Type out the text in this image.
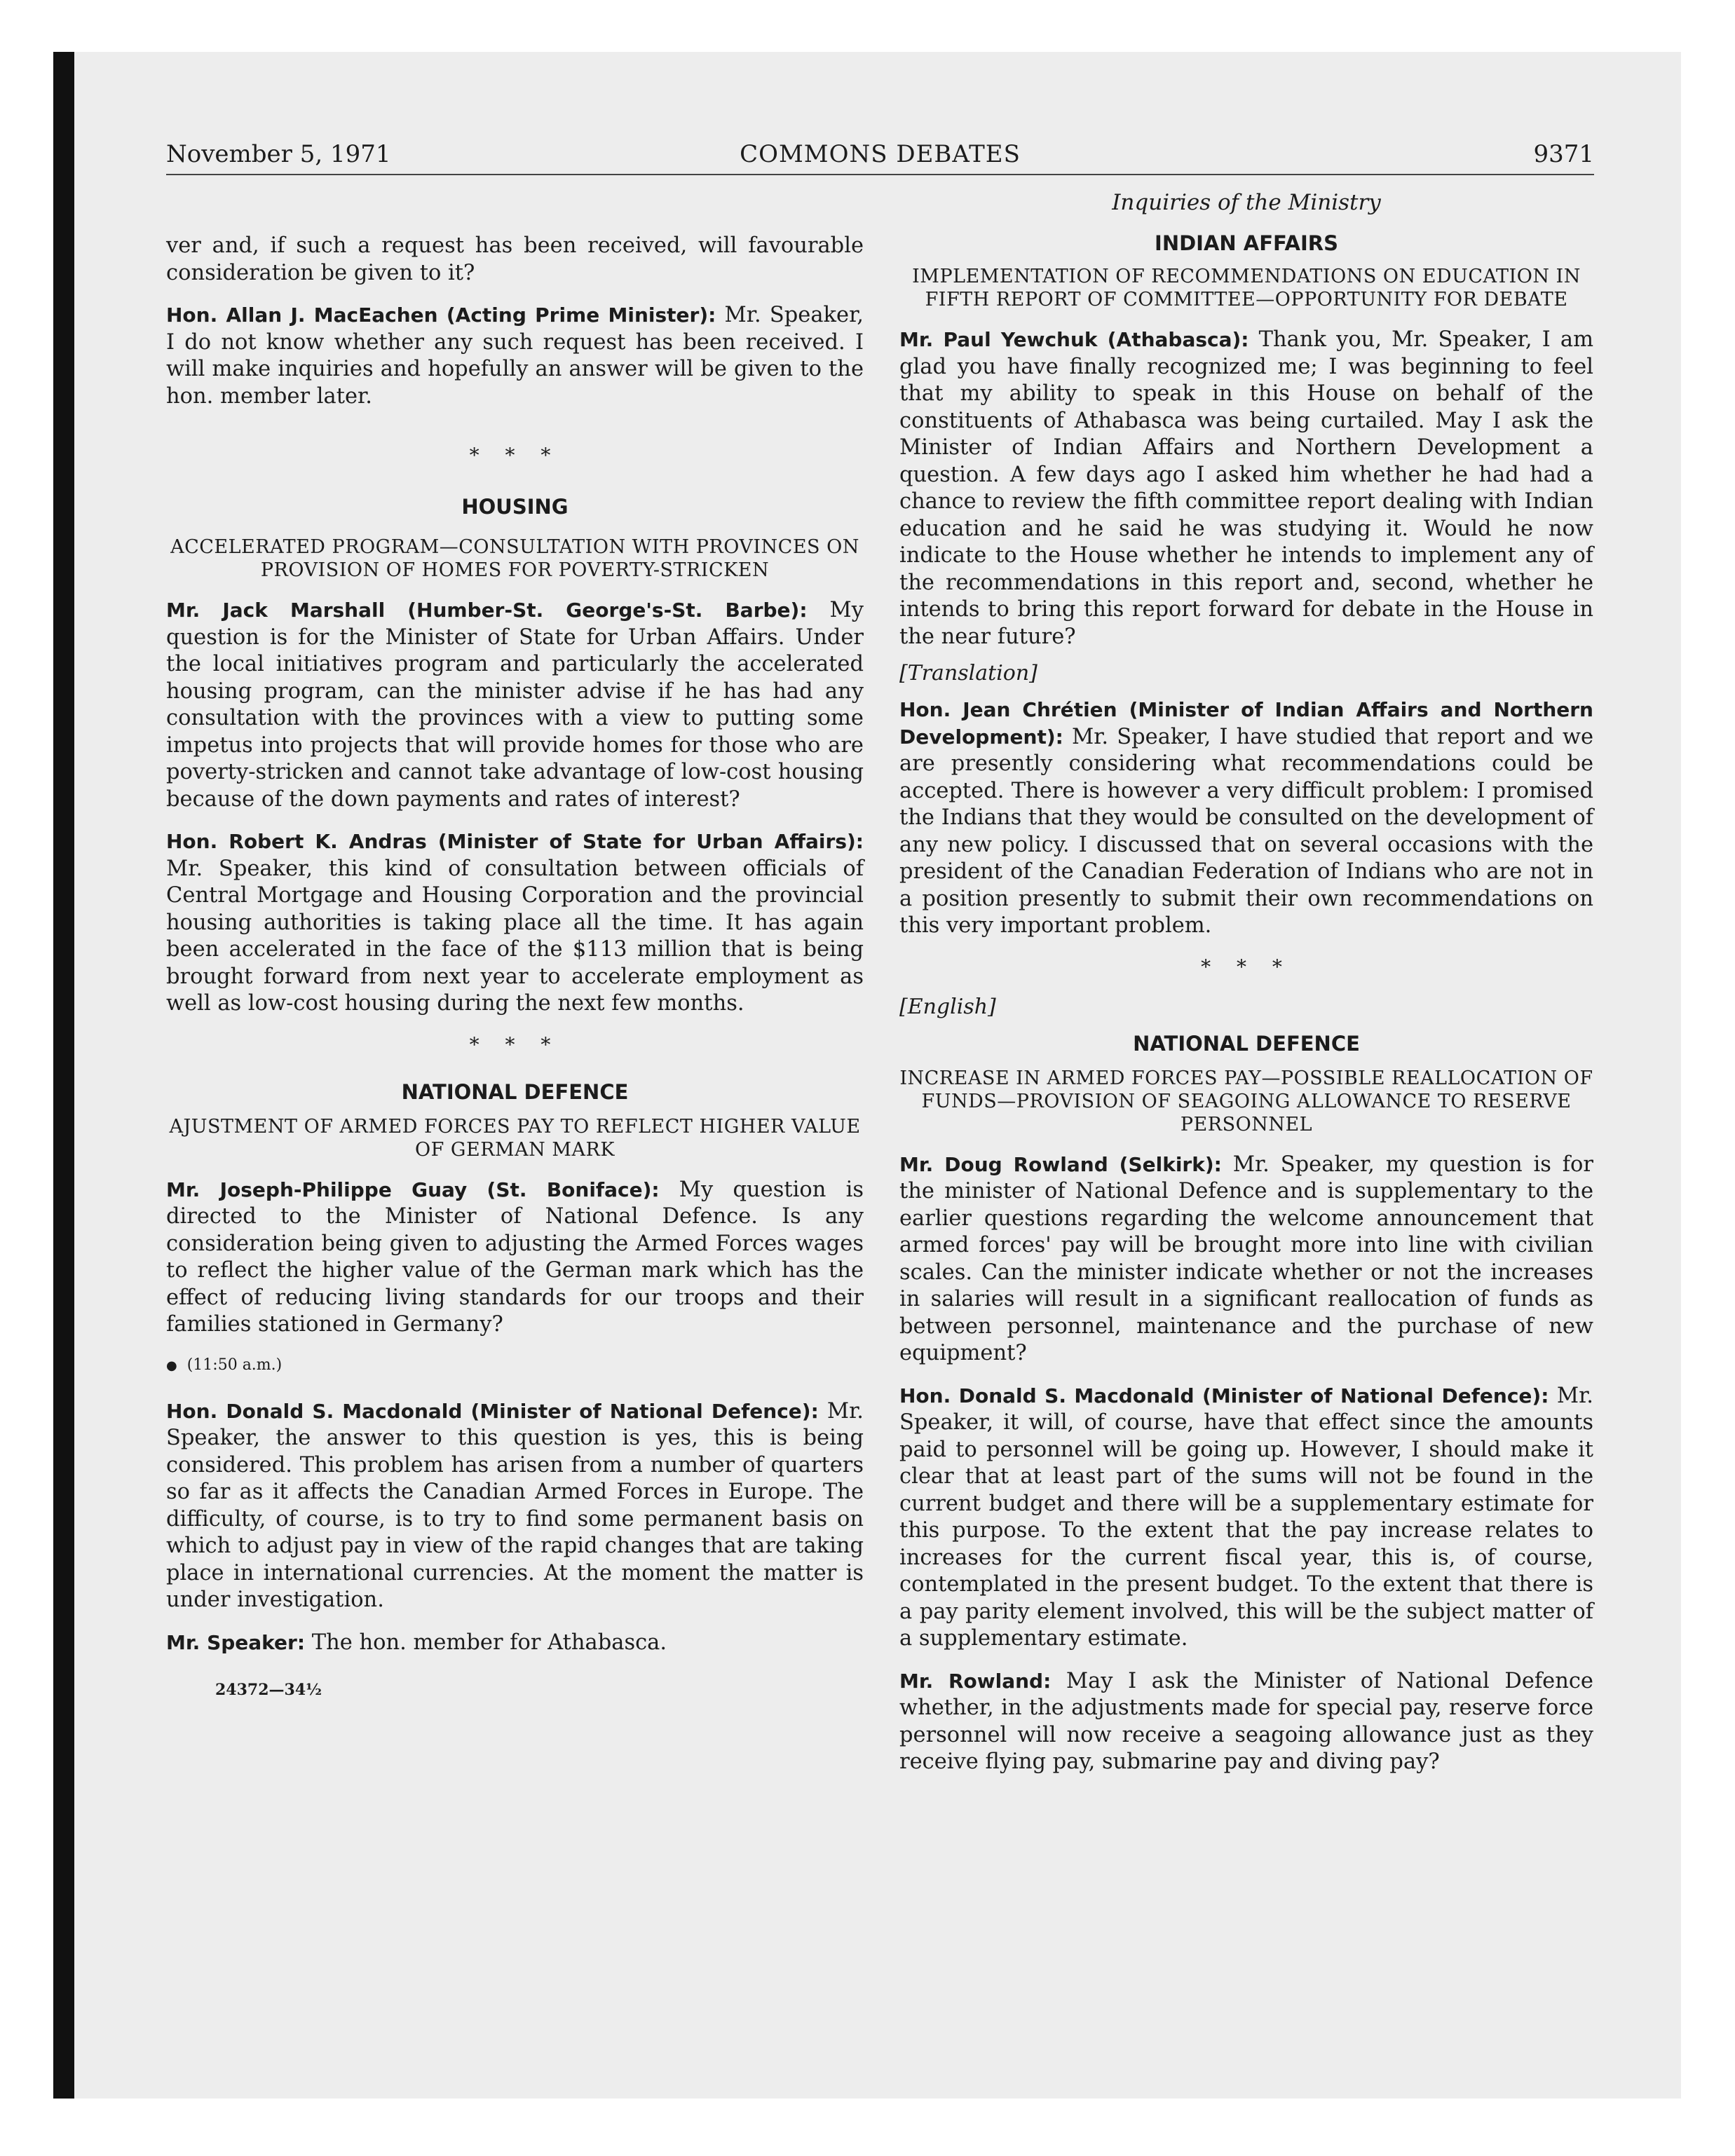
November 5, 1971	COMMONS DEBATES	9371

ver and, if such a request has been received, will favourable consideration be given to it?

Hon. Allan J. MacEachen (Acting Prime Minister): Mr. Speaker, I do not know whether any such request has been received. I will make inquiries and hopefully an answer will be given to the hon. member later.

* * *
HOUSING
ACCELERATED PROGRAM—CONSULTATION WITH PROVINCES ON PROVISION OF HOMES FOR POVERTY-STRICKEN

Mr. Jack Marshall (Humber-St. George's-St. Barbe): My question is for the Minister of State for Urban Affairs. Under the local initiatives program and particularly the accelerated housing program, can the minister advise if he has had any consultation with the provinces with a view to putting some impetus into projects that will provide homes for those who are poverty-stricken and cannot take advantage of low-cost housing because of the down payments and rates of interest?

Hon. Robert K. Andras (Minister of State for Urban Affairs): Mr. Speaker, this kind of consultation between officials of Central Mortgage and Housing Corporation and the provincial housing authorities is taking place all the time. It has again been accelerated in the face of the $113 million that is being brought forward from next year to accelerate employment as well as low-cost housing during the next few months.

* * *
NATIONAL DEFENCE
AJUSTMENT OF ARMED FORCES PAY TO REFLECT HIGHER VALUE OF GERMAN MARK

Mr. Joseph-Philippe Guay (St. Boniface): My question is directed to the Minister of National Defence. Is any consideration being given to adjusting the Armed Forces wages to reflect the higher value of the German mark which has the effect of reducing living standards for our troops and their families stationed in Germany?

● (11:50 a.m.)

Hon. Donald S. Macdonald (Minister of National Defence): Mr. Speaker, the answer to this question is yes, this is being considered. This problem has arisen from a number of quarters so far as it affects the Canadian Armed Forces in Europe. The difficulty, of course, is to try to find some permanent basis on which to adjust pay in view of the rapid changes that are taking place in international currencies. At the moment the matter is under investigation.

Mr. Speaker: The hon. member for Athabasca.

24372—34½
Inquiries of the Ministry
INDIAN AFFAIRS
IMPLEMENTATION OF RECOMMENDATIONS ON EDUCATION IN FIFTH REPORT OF COMMITTEE—OPPORTUNITY FOR DEBATE

Mr. Paul Yewchuk (Athabasca): Thank you, Mr. Speaker, I am glad you have finally recognized me; I was beginning to feel that my ability to speak in this House on behalf of the constituents of Athabasca was being curtailed. May I ask the Minister of Indian Affairs and Northern Development a question. A few days ago I asked him whether he had had a chance to review the fifth committee report dealing with Indian education and he said he was studying it. Would he now indicate to the House whether he intends to implement any of the recommendations in this report and, second, whether he intends to bring this report forward for debate in the House in the near future?

[Translation]

Hon. Jean Chrétien (Minister of Indian Affairs and Northern Development): Mr. Speaker, I have studied that report and we are presently considering what recommendations could be accepted. There is however a very difficult problem: I promised the Indians that they would be consulted on the development of any new policy. I discussed that on several occasions with the president of the Canadian Federation of Indians who are not in a position presently to submit their own recommendations on this very important problem.

* * *
[English]
NATIONAL DEFENCE
INCREASE IN ARMED FORCES PAY—POSSIBLE REALLOCATION OF FUNDS—PROVISION OF SEAGOING ALLOWANCE TO RESERVE PERSONNEL

Mr. Doug Rowland (Selkirk): Mr. Speaker, my question is for the minister of National Defence and is supplementary to the earlier questions regarding the welcome announcement that armed forces' pay will be brought more into line with civilian scales. Can the minister indicate whether or not the increases in salaries will result in a significant reallocation of funds as between personnel, maintenance and the purchase of new equipment?

Hon. Donald S. Macdonald (Minister of National Defence): Mr. Speaker, it will, of course, have that effect since the amounts paid to personnel will be going up. However, I should make it clear that at least part of the sums will not be found in the current budget and there will be a supplementary estimate for this purpose. To the extent that the pay increase relates to increases for the current fiscal year, this is, of course, contemplated in the present budget. To the extent that there is a pay parity element involved, this will be the subject matter of a supplementary estimate.

Mr. Rowland: May I ask the Minister of National Defence whether, in the adjustments made for special pay, reserve force personnel will now receive a seagoing allowance just as they receive flying pay, submarine pay and diving pay?
